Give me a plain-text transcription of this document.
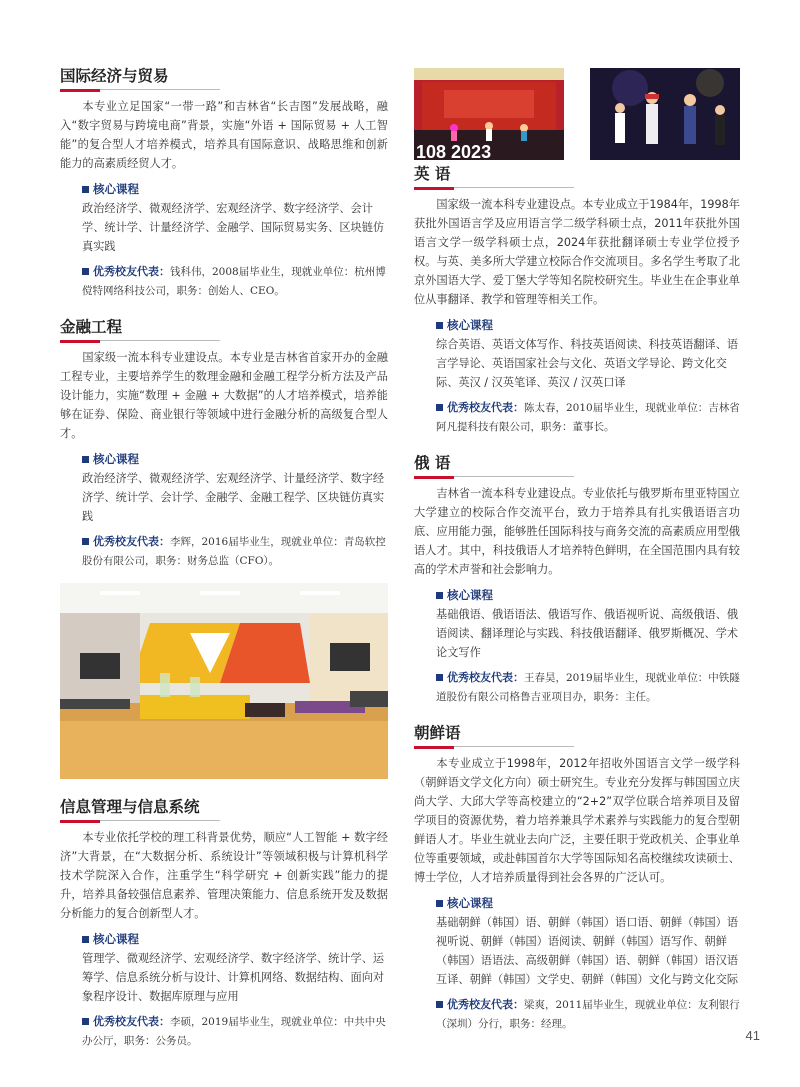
108 2023
国际经济与贸易

本专业立足国家“一带一路”和吉林省“长吉图”发展战略，融入“数字贸易与跨境电商”背景，实施“外语 + 国际贸易 + 人工智能”的复合型人才培养模式，培养具有国际意识、战略思维和创新能力的高素质经贸人才。

核心课程

政治经济学、微观经济学、宏观经济学、数字经济学、会计学、统计学、计量经济学、金融学、国际贸易实务、区块链仿真实践

优秀校友代表：钱科伟，2008届毕业生，现就业单位：杭州博傥特网络科技公司，职务：创始人、CEO。

金融工程

国家级一流本科专业建设点。本专业是吉林省首家开办的金融工程专业，主要培养学生的数理金融和金融工程学分析方法及产品设计能力，实施“数理 + 金融 + 大数据”的人才培养模式，培养能够在证券、保险、商业银行等领域中进行金融分析的高级复合型人才。

核心课程

政治经济学、微观经济学、宏观经济学、计量经济学、数字经济学、统计学、会计学、金融学、金融工程学、区块链仿真实践

优秀校友代表：李辉，2016届毕业生，现就业单位：青岛软控股份有限公司，职务：财务总监（CFO）。

信息管理与信息系统

本专业依托学校的理工科背景优势，顺应“人工智能 + 数字经济”大背景，在“大数据分析、系统设计”等领域积极与计算机科学技术学院深入合作，注重学生“科学研究 + 创新实践”能力的提升，培养具备较强信息素养、管理决策能力、信息系统开发及数据分析能力的复合创新型人才。

核心课程

管理学、微观经济学、宏观经济学、数字经济学、统计学、运筹学、信息系统分析与设计、计算机网络、数据结构、面向对象程序设计、数据库原理与应用

优秀校友代表：李硕，2019届毕业生，现就业单位：中共中央办公厅，职务：公务员。

英 语

国家级一流本科专业建设点。本专业成立于1984年，1998年获批外国语言学及应用语言学二级学科硕士点，2011年获批外国语言文学一级学科硕士点，2024年获批翻译硕士专业学位授予权。与英、美多所大学建立校际合作交流项目。多名学生考取了北京外国语大学、爱丁堡大学等知名院校研究生。毕业生在企事业单位从事翻译、教学和管理等相关工作。

核心课程

综合英语、英语文体写作、科技英语阅读、科技英语翻译、语言学导论、英语国家社会与文化、英语文学导论、跨文化交际、英汉 / 汉英笔译、英汉 / 汉英口译

优秀校友代表：陈太春，2010届毕业生，现就业单位：吉林省阿凡提科技有限公司，职务：董事长。

俄 语

吉林省一流本科专业建设点。专业依托与俄罗斯布里亚特国立大学建立的校际合作交流平台，致力于培养具有扎实俄语语言功底、应用能力强，能够胜任国际科技与商务交流的高素质应用型俄语人才。其中，科技俄语人才培养特色鲜明，在全国范围内具有较高的学术声誉和社会影响力。

核心课程

基础俄语、俄语语法、俄语写作、俄语视听说、高级俄语、俄语阅读、翻译理论与实践、科技俄语翻译、俄罗斯概况、学术论文写作

优秀校友代表：王春昊，2019届毕业生，现就业单位：中铁隧道股份有限公司格鲁吉亚项目办，职务：主任。

朝鲜语

本专业成立于1998年，2012年招收外国语言文学一级学科（朝鲜语文学文化方向）硕士研究生。专业充分发挥与韩国国立庆尚大学、大邱大学等高校建立的“2+2”双学位联合培养项目及留学项目的资源优势，着力培养兼具学术素养与实践能力的复合型朝鲜语人才。毕业生就业去向广泛，主要任职于党政机关、企事业单位等重要领域，或赴韩国首尔大学等国际知名高校继续攻读硕士、博士学位，人才培养质量得到社会各界的广泛认可。

核心课程

基础朝鲜（韩国）语、朝鲜（韩国）语口语、朝鲜（韩国）语视听说、朝鲜（韩国）语阅读、朝鲜（韩国）语写作、朝鲜（韩国）语语法、高级朝鲜（韩国）语、朝鲜（韩国）语汉语互译、朝鲜（韩国）文学史、朝鲜（韩国）文化与跨文化交际

优秀校友代表：梁爽，2011届毕业生，现就业单位：友利银行（深圳）分行，职务：经理。

41
